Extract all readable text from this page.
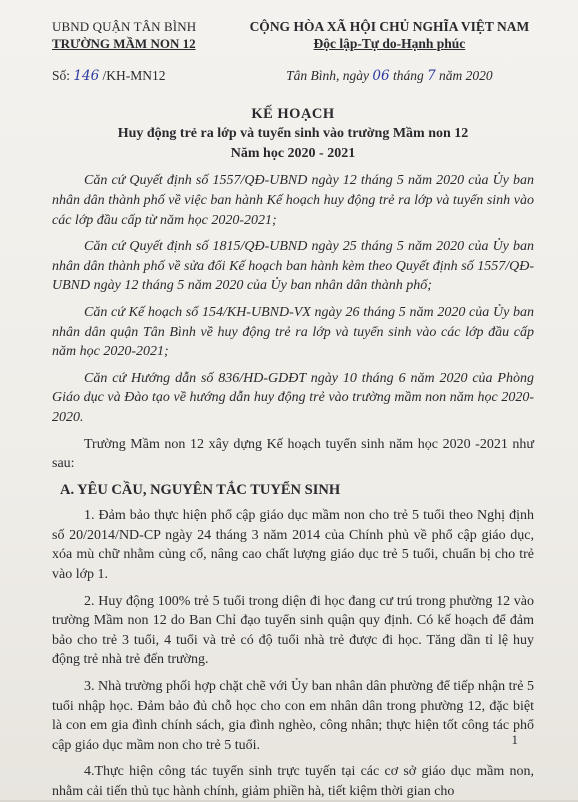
UBND QUẬN TÂN BÌNH
TRƯỜNG MẦM NON 12
CỘNG HÒA XÃ HỘI CHỦ NGHĨA VIỆT NAM
Độc lập-Tự do-Hạnh phúc
Số: 146 /KH-MN12	Tân Bình, ngày 06 tháng 7 năm 2020
KẾ HOẠCH
Huy động trẻ ra lớp và tuyển sinh vào trường Mầm non 12
Năm học 2020 - 2021

Căn cứ Quyết định số 1557/QĐ-UBND ngày 12 tháng 5 năm 2020 của Ủy ban nhân dân thành phố về việc ban hành Kế hoạch huy động trẻ ra lớp và tuyển sinh vào các lớp đầu cấp từ năm học 2020-2021;

Căn cứ Quyết định số 1815/QĐ-UBND ngày 25 tháng 5 năm 2020 của Ủy ban nhân dân thành phố về sửa đổi Kế hoạch ban hành kèm theo Quyết định số 1557/QĐ-UBND ngày 12 tháng 5 năm 2020 của Ủy ban nhân dân thành phố;

Căn cứ Kế hoạch số 154/KH-UBND-VX ngày 26 tháng 5 năm 2020 của Ủy ban nhân dân quận Tân Bình về huy động trẻ ra lớp và tuyển sinh vào các lớp đầu cấp năm học 2020-2021;

Căn cứ Hướng dẫn số 836/HD-GDĐT ngày 10 tháng 6 năm 2020 của Phòng Giáo dục và Đào tạo về hướng dẫn huy động trẻ vào trường mầm non năm học 2020-2020.

Trường Mầm non 12 xây dựng Kế hoạch tuyển sinh năm học 2020 -2021 như sau:

A. YÊU CẦU, NGUYÊN TẮC TUYỂN SINH

1. Đảm bảo thực hiện phổ cập giáo dục mầm non cho trẻ 5 tuổi theo Nghị định số 20/2014/ND-CP ngày 24 tháng 3 năm 2014 của Chính phủ về phổ cập giáo dục, xóa mù chữ nhằm củng cố, nâng cao chất lượng giáo dục trẻ 5 tuổi, chuẩn bị cho trẻ vào lớp 1.

2. Huy động 100% trẻ 5 tuổi trong diện đi học đang cư trú trong phường 12 vào trường Mầm non 12 do Ban Chỉ đạo tuyển sinh quận quy định. Có kế hoạch để đảm bảo cho trẻ 3 tuổi, 4 tuổi và trẻ có độ tuổi nhà trẻ được đi học. Tăng dần tỉ lệ huy động trẻ nhà trẻ đến trường.

3. Nhà trường phối hợp chặt chẽ với Ủy ban nhân dân phường để tiếp nhận trẻ 5 tuổi nhập học. Đảm bảo đủ chỗ học cho con em nhân dân trong phường 12, đặc biệt là con em gia đình chính sách, gia đình nghèo, công nhân; thực hiện tốt công tác phổ cập giáo dục mầm non cho trẻ 5 tuổi.

4.Thực hiện công tác tuyển sinh trực tuyến tại các cơ sở giáo dục mầm non, nhằm cải tiến thủ tục hành chính, giảm phiền hà, tiết kiệm thời gian cho

1
